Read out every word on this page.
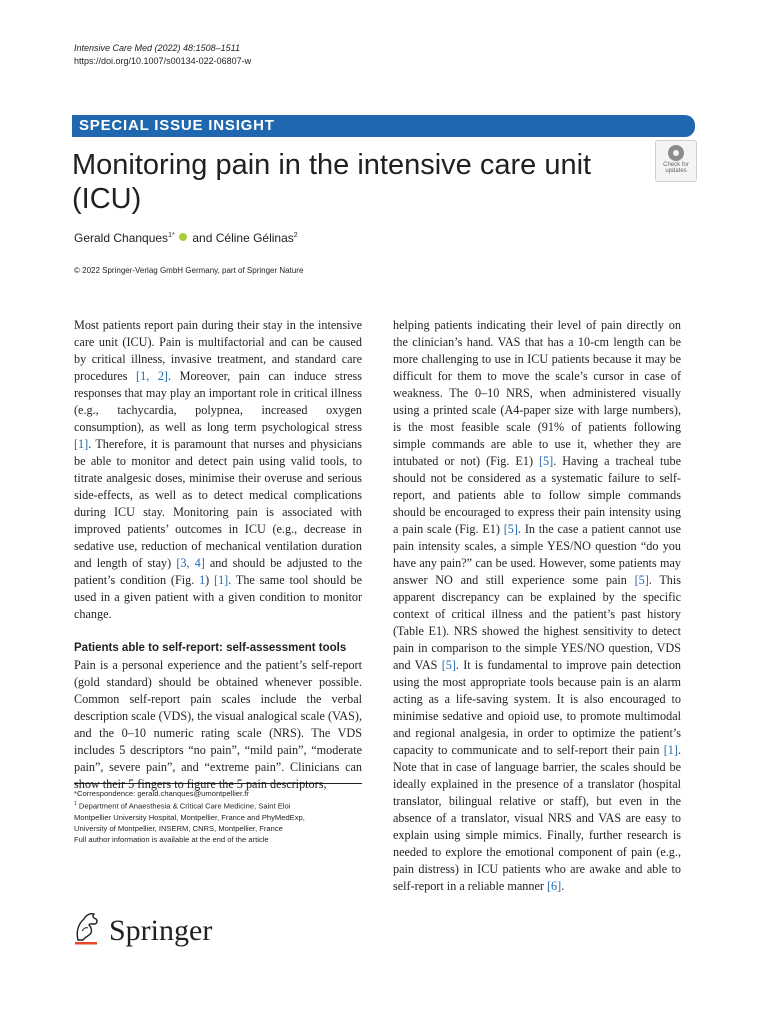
Intensive Care Med (2022) 48:1508–1511
https://doi.org/10.1007/s00134-022-06807-w
SPECIAL ISSUE INSIGHT
Monitoring pain in the intensive care unit (ICU)
Check for
updates
Gerald Chanques$^{1*}$ and Céline Gélinas$^2$
© 2022 Springer-Verlag GmbH Germany, part of Springer Nature

Most patients report pain during their stay in the intensive care unit (ICU). Pain is multifactorial and can be caused by critical illness, invasive treatment, and standard care procedures [1, 2]. Moreover, pain can induce stress responses that may play an important role in critical illness (e.g., tachycardia, polypnea, increased oxygen consumption), as well as long term psychological stress [1]. Therefore, it is paramount that nurses and physicians be able to monitor and detect pain using valid tools, to titrate analgesic doses, minimise their overuse and serious side-effects, as well as to detect medical complications during ICU stay. Monitoring pain is associated with improved patients’ outcomes in ICU (e.g., decrease in sedative use, reduction of mechanical ventilation duration and length of stay) [3, 4] and should be adjusted to the patient’s condition (Fig. 1) [1]. The same tool should be used in a given patient with a given condition to monitor change.

Patients able to self-report: self-assessment tools

Pain is a personal experience and the patient’s self-report (gold standard) should be obtained whenever possible. Common self-report pain scales include the verbal description scale (VDS), the visual analogical scale (VAS), and the 0–10 numeric rating scale (NRS). The VDS includes 5 descriptors “no pain”, “mild pain”, “moderate pain”, severe pain”, and “extreme pain”. Clinicians can show their 5 fingers to figure the 5 pain descriptors,

helping patients indicating their level of pain directly on the clinician’s hand. VAS that has a 10-cm length can be more challenging to use in ICU patients because it may be difficult for them to move the scale’s cursor in case of weakness. The 0–10 NRS, when administered visually using a printed scale (A4-paper size with large numbers), is the most feasible scale (91% of patients following simple commands are able to use it, whether they are intubated or not) (Fig. E1) [5]. Having a tracheal tube should not be considered as a systematic failure to self-report, and patients able to follow simple commands should be encouraged to express their pain intensity using a pain scale (Fig. E1) [5]. In the case a patient cannot use pain intensity scales, a simple YES/NO question “do you have any pain?” can be used. However, some patients may answer NO and still experience some pain [5]. This apparent discrepancy can be explained by the specific context of critical illness and the patient’s past history (Table E1). NRS showed the highest sensitivity to detect pain in comparison to the simple YES/NO question, VDS and VAS [5]. It is fundamental to improve pain detection using the most appropriate tools because pain is an alarm acting as a life-saving system. It is also encouraged to minimise sedative and opioid use, to promote multimodal and regional analgesia, in order to optimize the patient’s capacity to communicate and to self-report their pain [1]. Note that in case of language barrier, the scales should be ideally explained in the presence of a translator (hospital translator, bilingual relative or staff), but even in the absence of a translator, visual NRS and VAS are easy to explain using simple mimics. Finally, further research is needed to explore the emotional component of pain (e.g., pain distress) in ICU patients who are awake and able to self-report in a reliable manner [6].

*Correspondence: gerald.chanques@umontpellier.fr
$^1$ Department of Anaesthesia & Critical Care Medicine, Saint Eloi
Montpellier University Hospital, Montpellier, France and PhyMedExp,
University of Montpellier, INSERM, CNRS, Montpellier, France
Full author information is available at the end of the article
Springer
